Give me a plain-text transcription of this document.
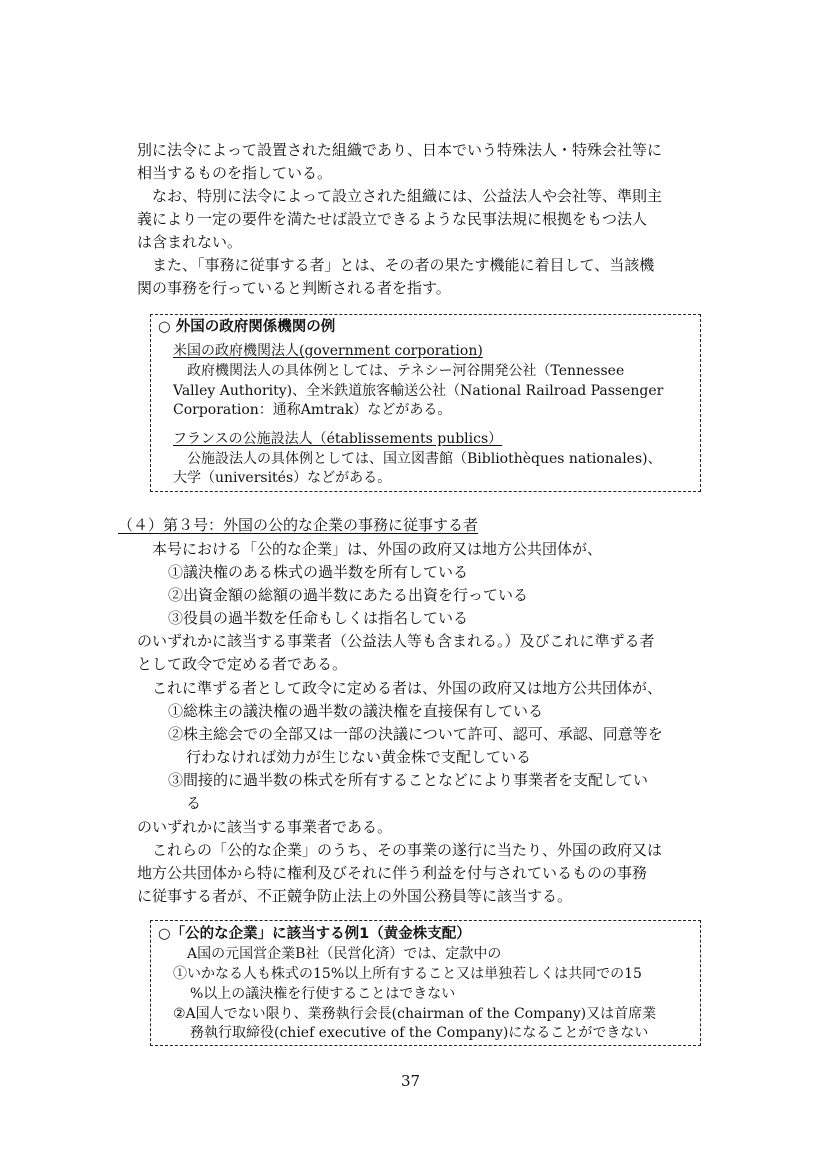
別に法令によって設置された組織であり、日本でいう特殊法人・特殊会社等に
相当するものを指している。
　なお、特別に法令によって設立された組織には、公益法人や会社等、準則主
義により一定の要件を満たせば設立できるような民事法規に根拠をもつ法人
は含まれない。
　また、「事務に従事する者」とは、その者の果たす機能に着目して、当該機
関の事務を行っていると判断される者を指す。
○ 外国の政府関係機関の例
米国の政府機関法人(government corporation)
　政府機関法人の具体例としては、テネシー河谷開発公社（Tennessee
Valley Authority)、全米鉄道旅客輸送公社（National Railroad Passenger
Corporation：通称Amtrak）などがある。
フランスの公施設法人（établissements publics）
　公施設法人の具体例としては、国立図書館（Bibliothèques nationales)、
大学（universités）などがある。
（４）第３号：外国の公的な企業の事務に従事する者
　本号における「公的な企業」は、外国の政府又は地方公共団体が、
①議決権のある株式の過半数を所有している
②出資金額の総額の過半数にあたる出資を行っている
③役員の過半数を任命もしくは指名している
のいずれかに該当する事業者（公益法人等も含まれる。）及びこれに準ずる者
として政令で定める者である。
　これに準ずる者として政令に定める者は、外国の政府又は地方公共団体が、
①総株主の議決権の過半数の議決権を直接保有している
②株主総会での全部又は一部の決議について許可、認可、承認、同意等を
行わなければ効力が生じない黄金株で支配している
③間接的に過半数の株式を所有することなどにより事業者を支配してい
る
のいずれかに該当する事業者である。
　これらの「公的な企業」のうち、その事業の遂行に当たり、外国の政府又は
地方公共団体から特に権利及びそれに伴う利益を付与されているものの事務
に従事する者が、不正競争防止法上の外国公務員等に該当する。
○「公的な企業」に該当する例1（黄金株支配）
　A国の元国営企業B社（民営化済）では、定款中の
①いかなる人も株式の15%以上所有すること又は単独若しくは共同での15
%以上の議決権を行使することはできない
②A国人でない限り、業務執行会長(chairman of the Company)又は首席業
務執行取締役(chief executive of the Company)になることができない
37
